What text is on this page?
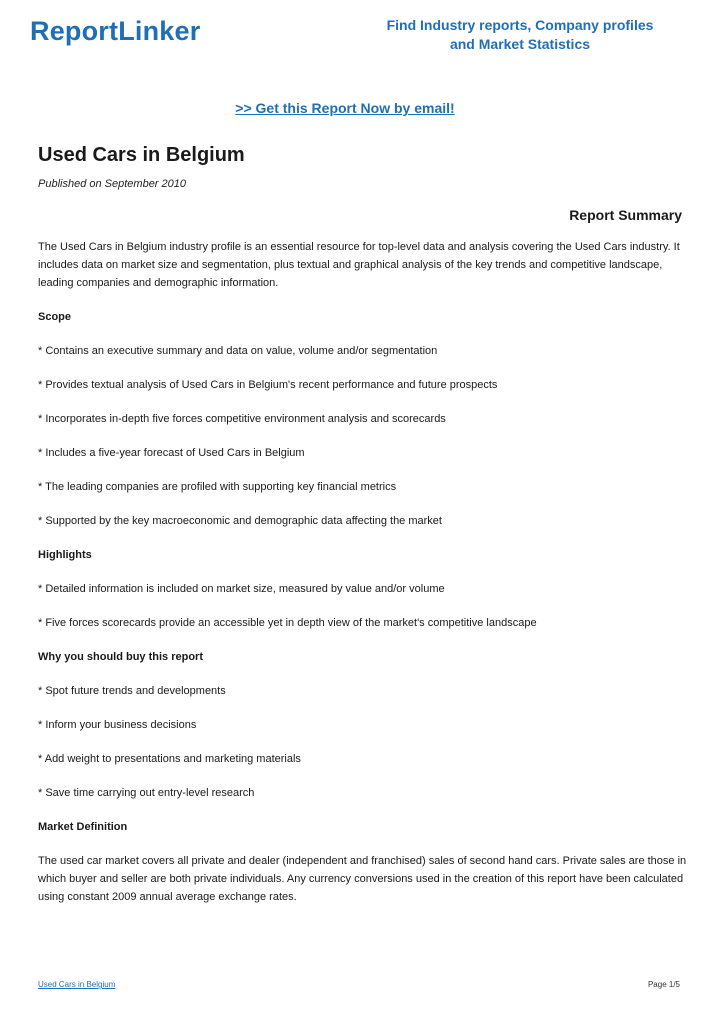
ReportLinker	Find Industry reports, Company profiles
and Market Statistics
>> Get this Report Now by email!
Used Cars in Belgium
Published on September 2010
Report Summary

The Used Cars in Belgium industry profile is an essential resource for top-level data and analysis covering the Used Cars industry. It includes data on market size and segmentation, plus textual and graphical analysis of the key trends and competitive landscape, leading companies and demographic information.

Scope

* Contains an executive summary and data on value, volume and/or segmentation

* Provides textual analysis of Used Cars in Belgium's recent performance and future prospects

* Incorporates in-depth five forces competitive environment analysis and scorecards

* Includes a five-year forecast of Used Cars in Belgium

* The leading companies are profiled with supporting key financial metrics

* Supported by the key macroeconomic and demographic data affecting the market

Highlights

* Detailed information is included on market size, measured by value and/or volume

* Five forces scorecards provide an accessible yet in depth view of the market's competitive landscape

Why you should buy this report

* Spot future trends and developments

* Inform your business decisions

* Add weight to presentations and marketing materials

* Save time carrying out entry-level research

Market Definition

The used car market covers all private and dealer (independent and franchised) sales of second hand cars. Private sales are those in which buyer and seller are both private individuals. Any currency conversions used in the creation of this report have been calculated using constant 2009 annual average exchange rates.

Used Cars in Belgium	Page 1/5
